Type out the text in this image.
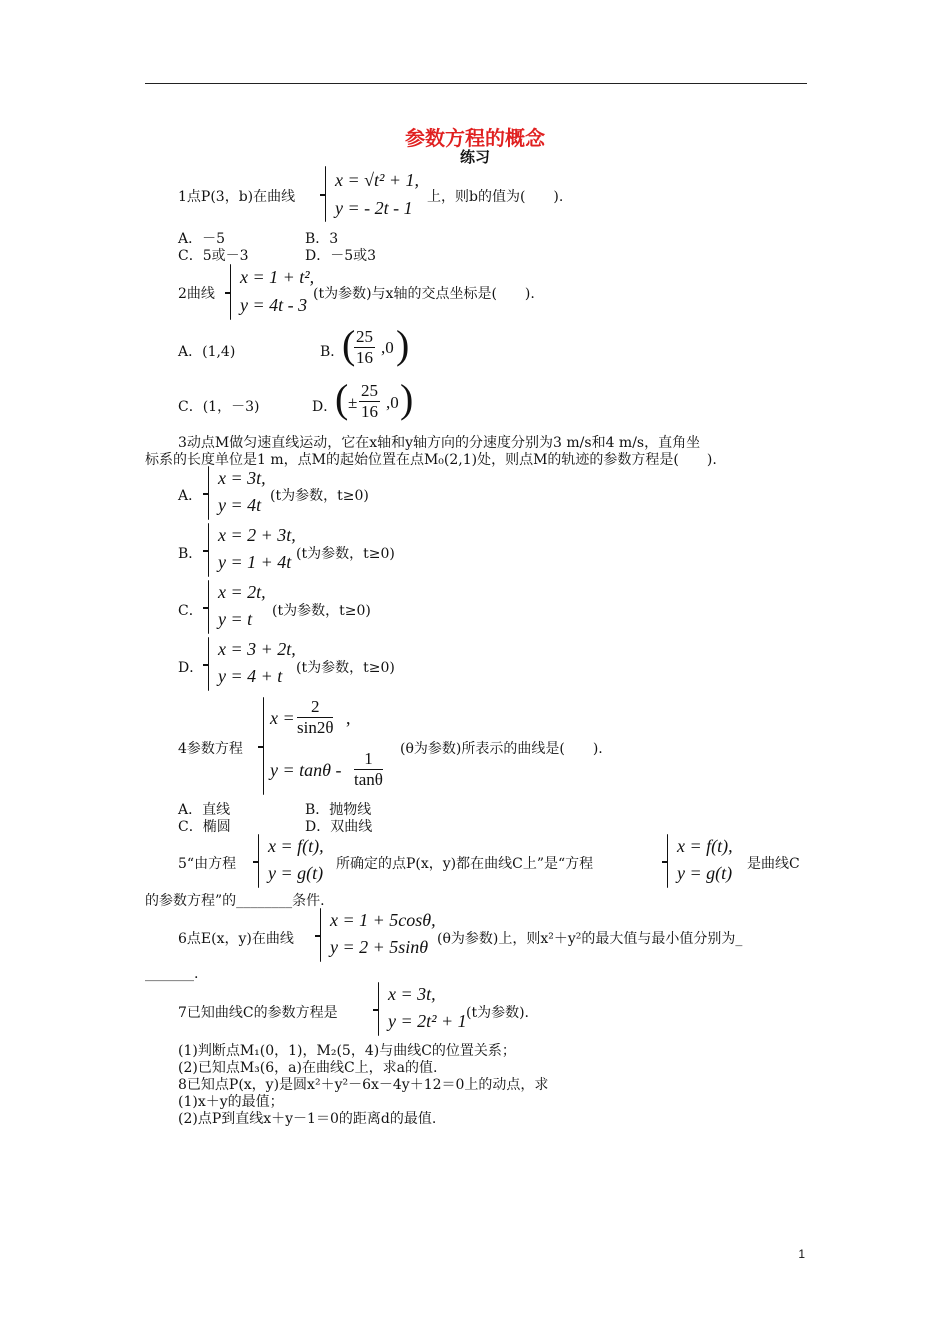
参数方程的概念
练习
1点P(3，b)在曲线
x = √t² + 1,
y = - 2t - 1
上，则b的值为(　　).
A．－5	B．3
C．5或－3	D．－5或3
2曲线
x = 1 + t²,
y = 4t - 3
(t为参数)与x轴的交点坐标是(　　).
A．(1,4)	B．
(
$\frac{25}{16} ,0$ )
C．(1，－3)	D．
( ± $\frac{25}{16} ,0$ )
3动点M做匀速直线运动，它在x轴和y轴方向的分速度分别为3 m/s和4 m/s，直角坐
标系的长度单位是1 m，点M的起始位置在点M₀(2,1)处，则点M的轨迹的参数方程是(　　).
A．
x = 3t,
y = 4t (t为参数，t≥0)
B．
x = 2 + 3t,
y = 1 + 4t (t为参数，t≥0)
C．
x = 2t,
y = t (t为参数，t≥0)
D．
x = 3 + 2t,
y = 4 + t (t为参数，t≥0)
4参数方程
$x = \frac{2}{\sin 2\theta}$ ,
$y = \tan\theta - \frac{1}{\tan\theta} (\theta$为参数)所表示的曲线是(　　).
A．直线	B．抛物线
C．椭圆	D．双曲线
5“由方程
x = f(t),
y = g(t) 所确定的点P(x，y)都在曲线C上”是“方程
x = f(t),
y = g(t) 是曲线C
的参数方程”的________条件.
6点E(x，y)在曲线
x = 1 + 5cosθ,
y = 2 + 5sinθ (θ为参数)上，则x²＋y²的最大值与最小值分别为_
_______.
7已知曲线C的参数方程是
x = 3t,
y = 2t² + 1 (t为参数).
(1)判断点M₁(0，1)，M₂(5，4)与曲线C的位置关系；
(2)已知点M₃(6，a)在曲线C上，求a的值.
8已知点P(x，y)是圆x²＋y²－6x－4y＋12＝0上的动点，求
(1)x＋y的最值；
(2)点P到直线x＋y－1＝0的距离d的最值.
1
